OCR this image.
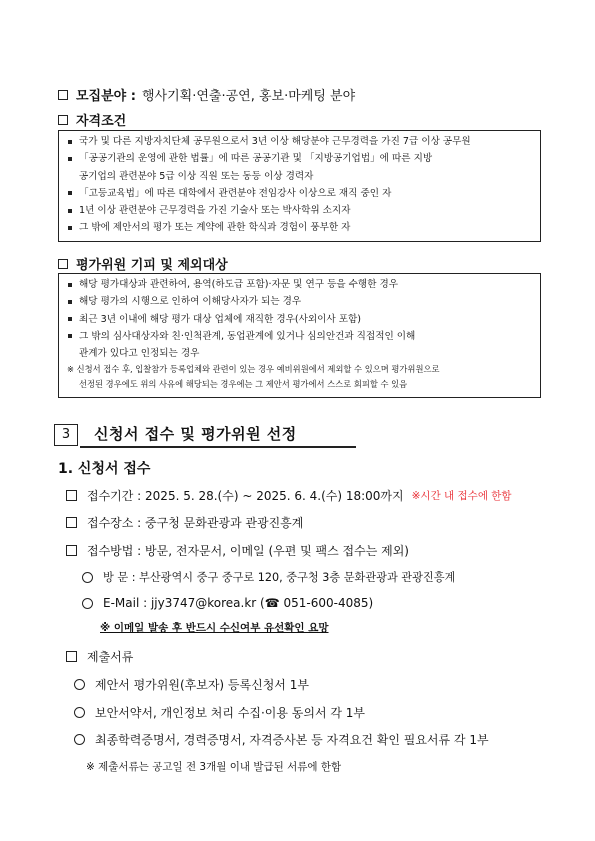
모집분야 : 행사기획·연출·공연, 홍보·마케팅 분야
자격조건
국가 및 다른 지방자치단체 공무원으로서 3년 이상 해당분야 근무경력을 가진 7급 이상 공무원
「공공기관의 운영에 관한 법률」에 따른 공공기관 및 「지방공기업법」에 따른 지방
공기업의 관련분야 5급 이상 직원 또는 동등 이상 경력자
「고등교육법」에 따른 대학에서 관련분야 전임강사 이상으로 재직 중인 자
1년 이상 관련분야 근무경력을 가진 기술사 또는 박사학위 소지자
그 밖에 제안서의 평가 또는 계약에 관한 학식과 경험이 풍부한 자
평가위원 기피 및 제외대상
해당 평가대상과 관련하여, 용역(하도급 포함)·자문 및 연구 등을 수행한 경우
해당 평가의 시행으로 인하여 이해당사자가 되는 경우
최근 3년 이내에 해당 평가 대상 업체에 재직한 경우(사외이사 포함)
그 밖의 심사대상자와 친·인척관계, 동업관계에 있거나 심의안건과 직접적인 이해
관계가 있다고 인정되는 경우
※ 신청서 접수 후, 입찰참가 등록업체와 관련이 있는 경우 예비위원에서 제외할 수 있으며 평가위원으로
선정된 경우에도 위의 사유에 해당되는 경우에는 그 제안서 평가에서 스스로 회피할 수 있음
3	신청서 접수 및 평가위원 선정
1. 신청서 접수
접수기간 : 2025. 5. 28.(수) ~ 2025. 6. 4.(수) 18:00까지 ※시간 내 접수에 한함
접수장소 : 중구청 문화관광과 관광진흥계
접수방법 : 방문, 전자문서, 이메일 (우편 및 팩스 접수는 제외)
방 문 : 부산광역시 중구 중구로 120, 중구청 3층 문화관광과 관광진흥계
E-Mail : jjy3747@korea.kr (☎ 051-600-4085)
※ 이메일 발송 후 반드시 수신여부 유선확인 요망
제출서류
제안서 평가위원(후보자) 등록신청서 1부
보안서약서, 개인정보 처리 수집·이용 동의서 각 1부
최종학력증명서, 경력증명서, 자격증사본 등 자격요건 확인 필요서류 각 1부
※ 제출서류는 공고일 전 3개월 이내 발급된 서류에 한함
